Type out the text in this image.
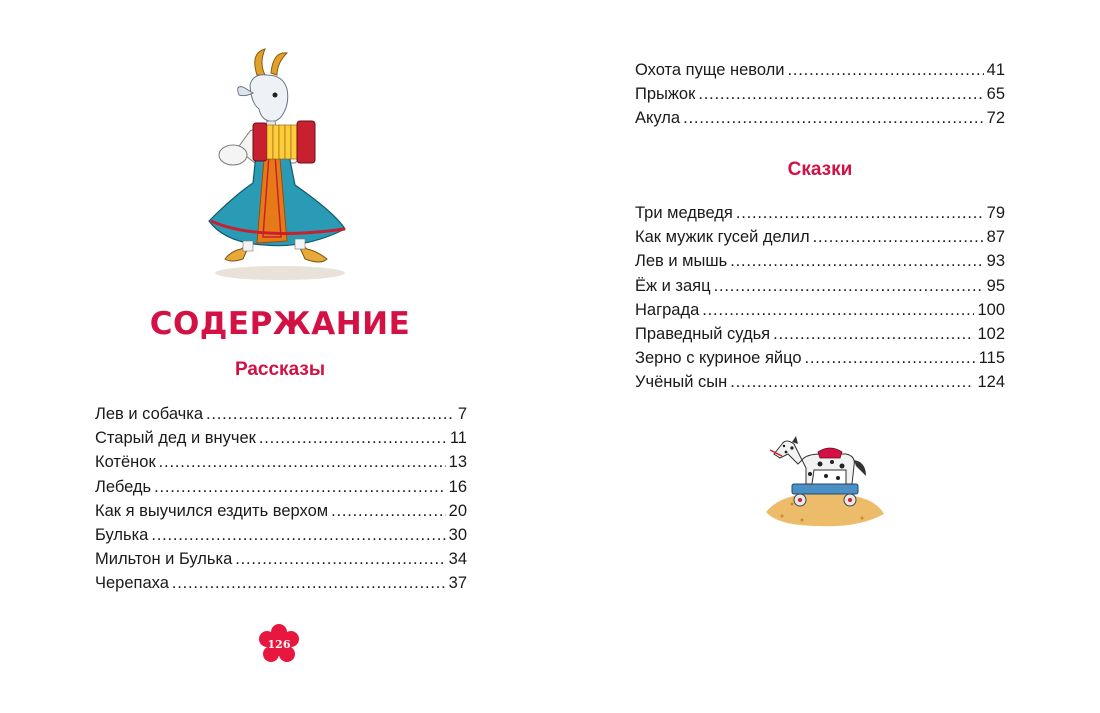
СОДЕРЖАНИЕ
Рассказы
Лев и собачка .....	7
Старый дед и внучек .....	11
Котёнок .....	13
Лебедь .....	16
Как я выучился ездить верхом .....	20
Булька .....	30
Мильтон и Булька .....	34
Черепаха .....	37
126
Охота пуще неволи .....	41
Прыжок .....	65
Акула .....	72
Сказки
Три медведя .....	79
Как мужик гусей делил .....	87
Лев и мышь .....	93
Ёж и заяц .....	95
Награда .....	100
Праведный судья .....	102
Зерно с куриное яйцо .....	115
Учёный сын .....	124
